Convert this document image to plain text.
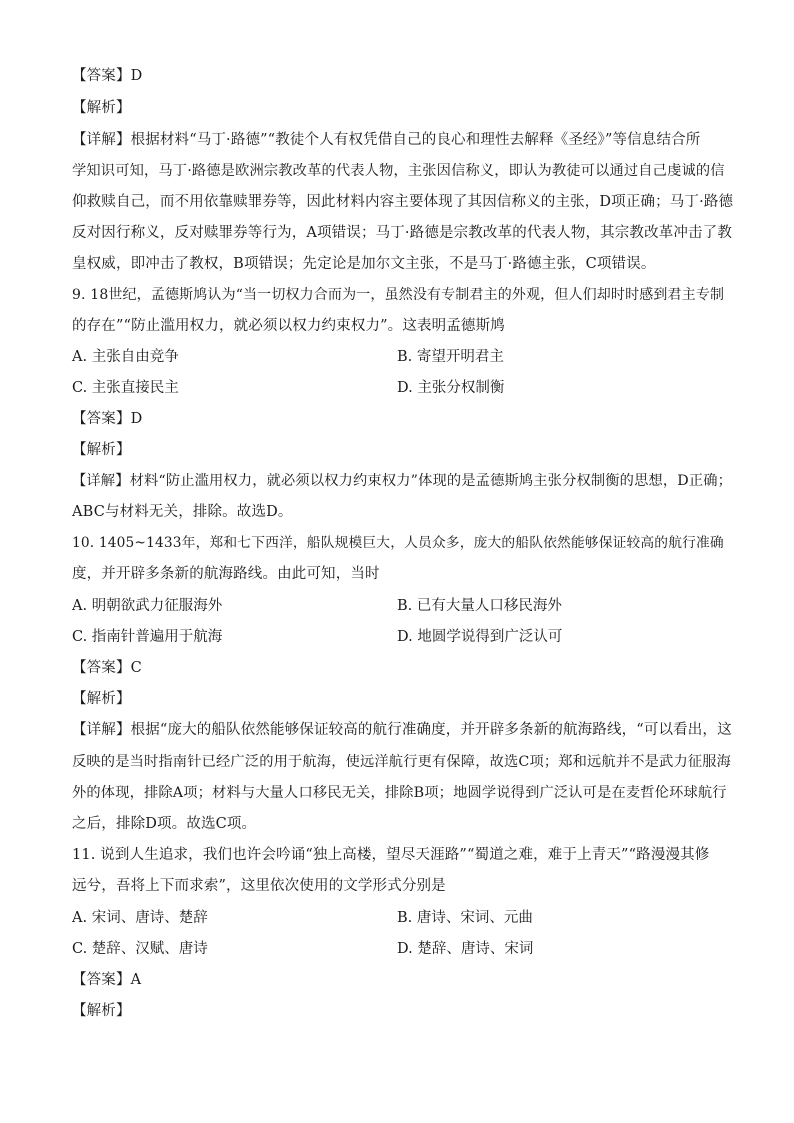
【答案】D
【解析】
【详解】根据材料“马丁·路德”“教徒个人有权凭借自己的良心和理性去解释《圣经》”等信息结合所
学知识可知，马丁·路德是欧洲宗教改革的代表人物，主张因信称义，即认为教徒可以通过自己虔诚的信
仰救赎自己，而不用依靠赎罪券等，因此材料内容主要体现了其因信称义的主张，D项正确；马丁·路德
反对因行称义，反对赎罪券等行为，A项错误；马丁·路德是宗教改革的代表人物，其宗教改革冲击了教
皇权威，即冲击了教权，B项错误；先定论是加尔文主张，不是马丁·路德主张，C项错误。
9. 18世纪，孟德斯鸠认为“当一切权力合而为一，虽然没有专制君主的外观，但人们却时时感到君主专制
的存在”“防止滥用权力，就必须以权力约束权力”。这表明孟德斯鸠
A. 主张自由竞争	B. 寄望开明君主
C. 主张直接民主	D. 主张分权制衡
【答案】D
【解析】
【详解】材料“防止滥用权力，就必须以权力约束权力”体现的是孟德斯鸠主张分权制衡的思想，D正确；
ABC与材料无关，排除。故选D。
10. 1405~1433年，郑和七下西洋，船队规模巨大，人员众多，庞大的船队依然能够保证较高的航行准确
度，并开辟多条新的航海路线。由此可知，当时
A. 明朝欲武力征服海外	B. 已有大量人口移民海外
C. 指南针普遍用于航海	D. 地圆学说得到广泛认可
【答案】C
【解析】
【详解】根据“庞大的船队依然能够保证较高的航行准确度，并开辟多条新的航海路线，“可以看出，这
反映的是当时指南针已经广泛的用于航海，使远洋航行更有保障，故选C项；郑和远航并不是武力征服海
外的体现，排除A项；材料与大量人口移民无关，排除B项；地圆学说得到广泛认可是在麦哲伦环球航行
之后，排除D项。故选C项。
11. 说到人生追求，我们也许会吟诵“独上高楼，望尽天涯路”“蜀道之难，难于上青天”“路漫漫其修
远兮，吾将上下而求索”，这里依次使用的文学形式分别是
A. 宋词、唐诗、楚辞	B. 唐诗、宋词、元曲
C. 楚辞、汉赋、唐诗	D. 楚辞、唐诗、宋词
【答案】A
【解析】
